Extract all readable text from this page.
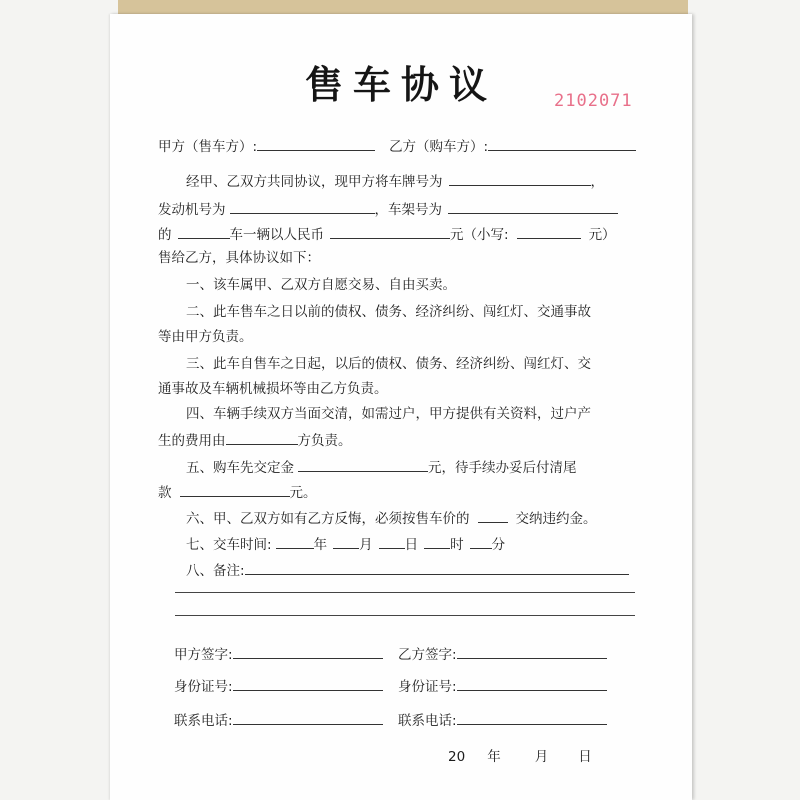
售车协议	2102071
甲方（售车方）:	乙方（购车方）:
经甲、乙双方共同协议，现甲方将车牌号为	，
发动机号为	，车架号为
的	车一辆以人民币	元（小写:	元）
售给乙方，具体协议如下：
一、该车属甲、乙双方自愿交易、自由买卖。
二、此车售车之日以前的债权、债务、经济纠纷、闯红灯、交通事故
等由甲方负责。
三、此车自售车之日起，以后的债权、债务、经济纠纷、闯红灯、交
通事故及车辆机械损坏等由乙方负责。
四、车辆手续双方当面交清，如需过户，甲方提供有关资料，过户产
生的费用由	方负责。
五、购车先交定金	元，待手续办妥后付清尾
款	元。
六、甲、乙双方如有乙方反悔，必须按售车价的	交纳违约金。
七、交车时间:	年 月 日 时 分
八、备注:
甲方签字:	乙方签字:
身份证号:	身份证号:
联系电话:	联系电话:
20 年	月 日
